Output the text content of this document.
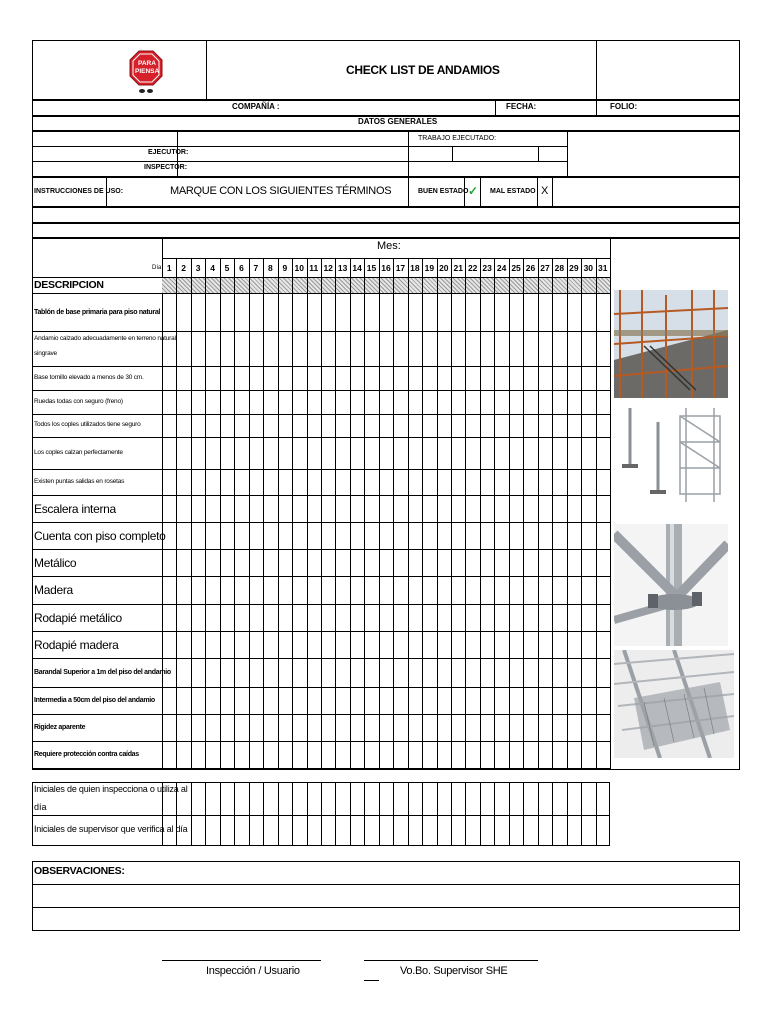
PARA
PIENSA	CHECK LIST DE ANDAMIOS
COMPAÑÍA :	FECHA:	FOLIO:
DATOS GENERALES
TRABAJO EJECUTADO:
EJECUTOR:
INSPECTOR:
INSTRUCCIONES DE USO:	MARQUE CON LOS SIGUIENTES TÉRMINOS	BUEN ESTADO ✓ MAL ESTADO X
Mes:
Día
DESCRIPCION
1	2	3	4	5	6	7	8	9 10 11 12 13 14 15 16 17 18 19 20 21 22 23 24 25 26 27 28 29 30 31
Tablón de base primaria para piso natural
Andamio calzado adecuadamente en terreno natural
singrave
Base tornillo elevado a menos de 30 cm.
Ruedas todas con seguro (freno)
Todos los coples utilizados tiene seguro
Los coples calzan perfectamente
Existen puntas salidas en rosetas
Escalera interna
Cuenta con piso completo
Metálico
Madera
Rodapié metálico
Rodapié madera
Barandal Superior a 1m del piso del andamio
Intermedia a 50cm del piso del andamio
Rigidez aparente
Requiere protección contra caídas
Iniciales de quien inspecciona o utiliza al
día
Iniciales de supervisor que verifica al día
OBSERVACIONES:
Inspección / Usuario	Vo.Bo. Supervisor SHE
